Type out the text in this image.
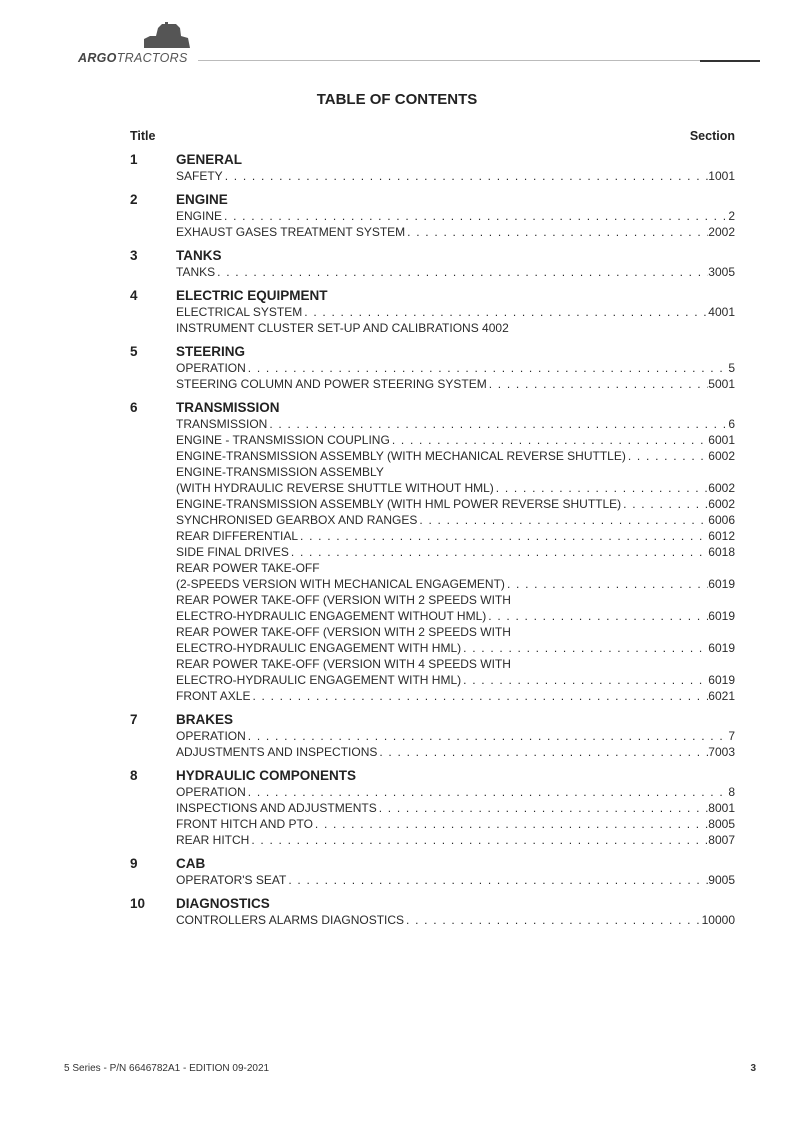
ARGOTRACTORS
TABLE OF CONTENTS
Title	Section
1	GENERAL
SAFETY . . .	1001
2	ENGINE
ENGINE . . .	2
EXHAUST GASES TREATMENT SYSTEM . . .	2002
3	TANKS
TANKS . . .	3005
4	ELECTRIC EQUIPMENT
ELECTRICAL SYSTEM . . .	4001
INSTRUMENT CLUSTER SET-UP AND CALIBRATIONS 4002
5	STEERING
OPERATION . . .	5
STEERING COLUMN AND POWER STEERING SYSTEM . . .	5001
6	TRANSMISSION
TRANSMISSION . . .	6
ENGINE - TRANSMISSION COUPLING . . .	6001
ENGINE-TRANSMISSION ASSEMBLY (WITH MECHANICAL REVERSE SHUTTLE) . . .	6002
ENGINE-TRANSMISSION ASSEMBLY
(WITH HYDRAULIC REVERSE SHUTTLE WITHOUT HML) . . .	6002
ENGINE-TRANSMISSION ASSEMBLY (WITH HML POWER REVERSE SHUTTLE) . . .	6002
SYNCHRONISED GEARBOX AND RANGES . . .	6006
REAR DIFFERENTIAL . . .	6012
SIDE FINAL DRIVES . . .	6018
REAR POWER TAKE-OFF
(2-SPEEDS VERSION WITH MECHANICAL ENGAGEMENT) . . .	6019
REAR POWER TAKE-OFF (VERSION WITH 2 SPEEDS WITH
ELECTRO-HYDRAULIC ENGAGEMENT WITHOUT HML) . . .	6019
REAR POWER TAKE-OFF (VERSION WITH 2 SPEEDS WITH
ELECTRO-HYDRAULIC ENGAGEMENT WITH HML) . . .	6019
REAR POWER TAKE-OFF (VERSION WITH 4 SPEEDS WITH
ELECTRO-HYDRAULIC ENGAGEMENT WITH HML) . . .	6019
FRONT AXLE . . .	6021
7	BRAKES
OPERATION . . .	7
ADJUSTMENTS AND INSPECTIONS . . .	7003
8	HYDRAULIC COMPONENTS
OPERATION . . .	8
INSPECTIONS AND ADJUSTMENTS . . .	8001
FRONT HITCH AND PTO . . .	8005
REAR HITCH . . .	8007
9	CAB
OPERATOR'S SEAT . . .	9005
10 DIAGNOSTICS
CONTROLLERS ALARMS DIAGNOSTICS . . .	10000
5 Series - P/N 6646782A1 - EDITION 09-2021	3
